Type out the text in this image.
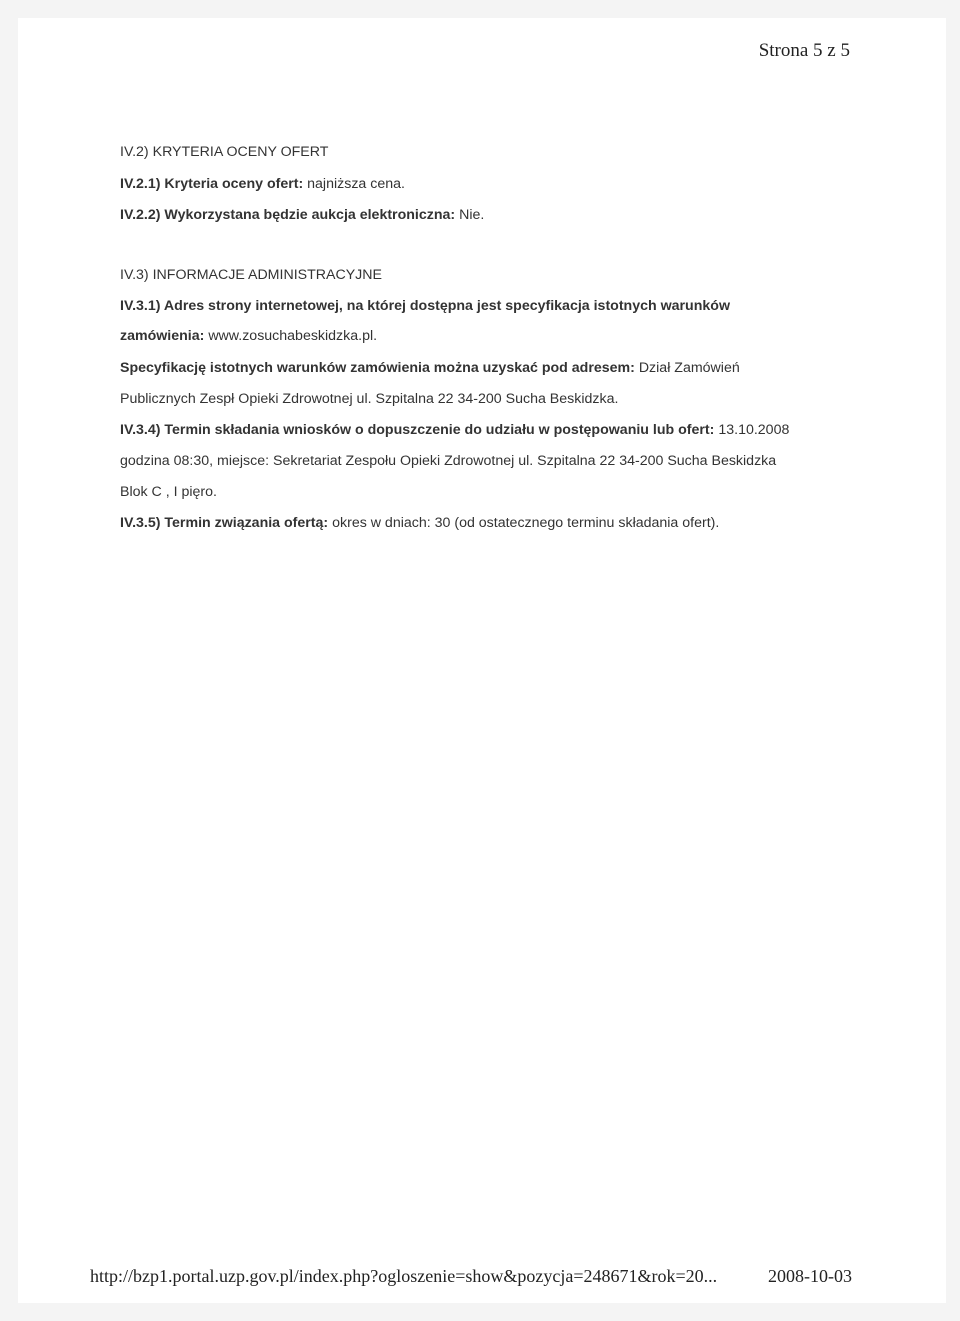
Strona 5 z 5
IV.2) KRYTERIA OCENY OFERT
IV.2.1) Kryteria oceny ofert: najniższa cena.
IV.2.2) Wykorzystana będzie aukcja elektroniczna: Nie.
IV.3) INFORMACJE ADMINISTRACYJNE
IV.3.1) Adres strony internetowej, na której dostępna jest specyfikacja istotnych warunków
zamówienia: www.zosuchabeskidzka.pl.
Specyfikację istotnych warunków zamówienia można uzyskać pod adresem: Dział Zamówień
Publicznych Zespł Opieki Zdrowotnej ul. Szpitalna 22 34-200 Sucha Beskidzka.
IV.3.4) Termin składania wniosków o dopuszczenie do udziału w postępowaniu lub ofert: 13.10.2008
godzina 08:30, miejsce: Sekretariat Zespołu Opieki Zdrowotnej ul. Szpitalna 22 34-200 Sucha Beskidzka
Blok C , I pięro.
IV.3.5) Termin związania ofertą: okres w dniach: 30 (od ostatecznego terminu składania ofert).
http://bzp1.portal.uzp.gov.pl/index.php?ogloszenie=show&pozycja=248671&rok=20...	2008-10-03
